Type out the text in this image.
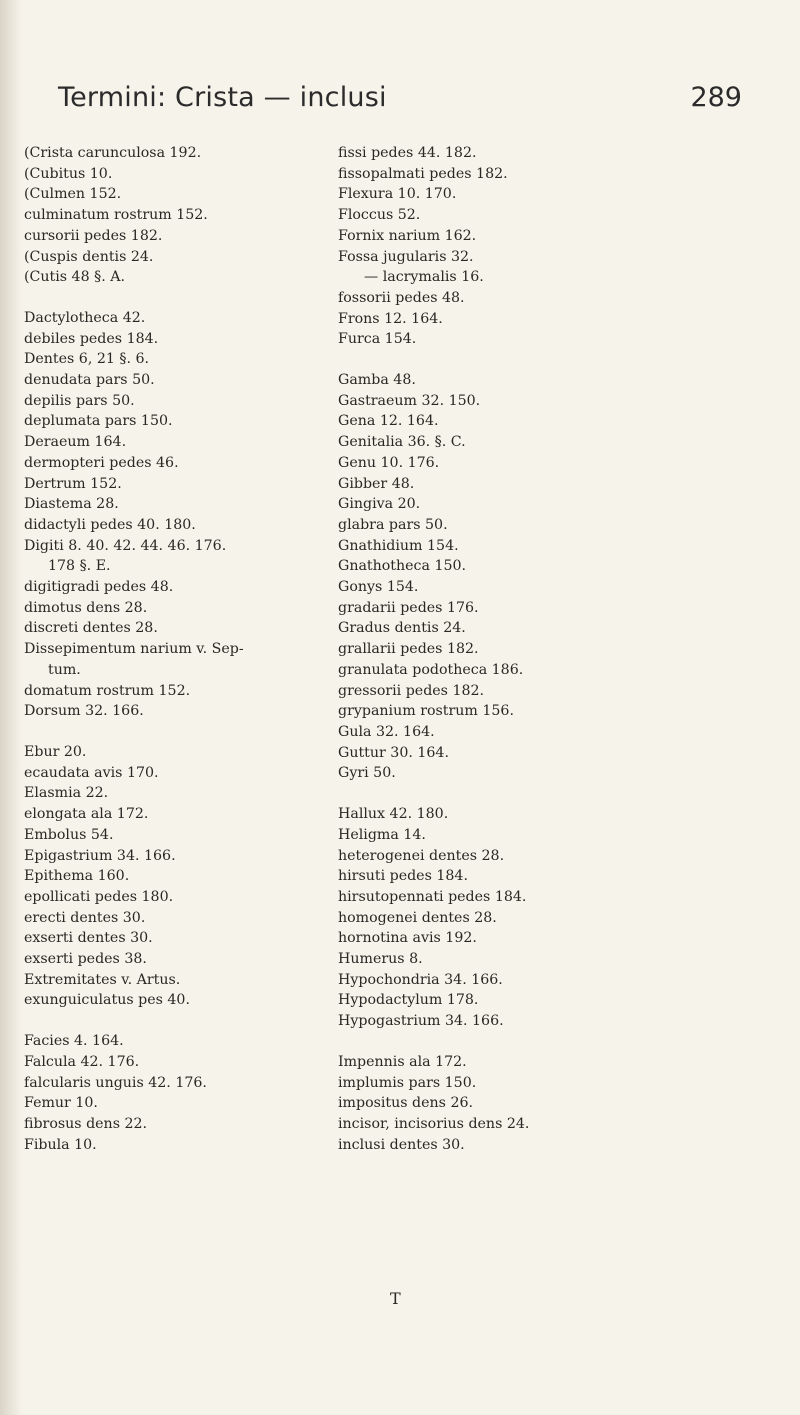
Termini: Crista — inclusi	289
(Crista carunculosa 192.
(Cubitus 10.
(Culmen 152.
culminatum rostrum 152.
cursorii pedes 182.
(Cuspis dentis 24.
(Cutis 48 §. A.
Dactylotheca 42.
debiles pedes 184.
Dentes 6, 21 §. 6.
denudata pars 50.
depilis pars 50.
deplumata pars 150.
Deraeum 164.
dermopteri pedes 46.
Dertrum 152.
Diastema 28.
didactyli pedes 40. 180.
Digiti 8. 40. 42. 44. 46. 176.
178 §. E.
digitigradi pedes 48.
dimotus dens 28.
discreti dentes 28.
Dissepimentum narium v. Sep-
tum.
domatum rostrum 152.
Dorsum 32. 166.
Ebur 20.
ecaudata avis 170.
Elasmia 22.
elongata ala 172.
Embolus 54.
Epigastrium 34. 166.
Epithema 160.
epollicati pedes 180.
erecti dentes 30.
exserti dentes 30.
exserti pedes 38.
Extremitates v. Artus.
exunguiculatus pes 40.
Facies 4. 164.
Falcula 42. 176.
falcularis unguis 42. 176.
Femur 10.
fibrosus dens 22.
Fibula 10.
fissi pedes 44. 182.
fissopalmati pedes 182.
Flexura 10. 170.
Floccus 52.
Fornix narium 162.
Fossa jugularis 32.
— lacrymalis 16.
fossorii pedes 48.
Frons 12. 164.
Furca 154.
Gamba 48.
Gastraeum 32. 150.
Gena 12. 164.
Genitalia 36. §. C.
Genu 10. 176.
Gibber 48.
Gingiva 20.
glabra pars 50.
Gnathidium 154.
Gnathotheca 150.
Gonys 154.
gradarii pedes 176.
Gradus dentis 24.
grallarii pedes 182.
granulata podotheca 186.
gressorii pedes 182.
grypanium rostrum 156.
Gula 32. 164.
Guttur 30. 164.
Gyri 50.
Hallux 42. 180.
Heligma 14.
heterogenei dentes 28.
hirsuti pedes 184.
hirsutopennati pedes 184.
homogenei dentes 28.
hornotina avis 192.
Humerus 8.
Hypochondria 34. 166.
Hypodactylum 178.
Hypogastrium 34. 166.
Impennis ala 172.
implumis pars 150.
impositus dens 26.
incisor, incisorius dens 24.
inclusi dentes 30.
T
